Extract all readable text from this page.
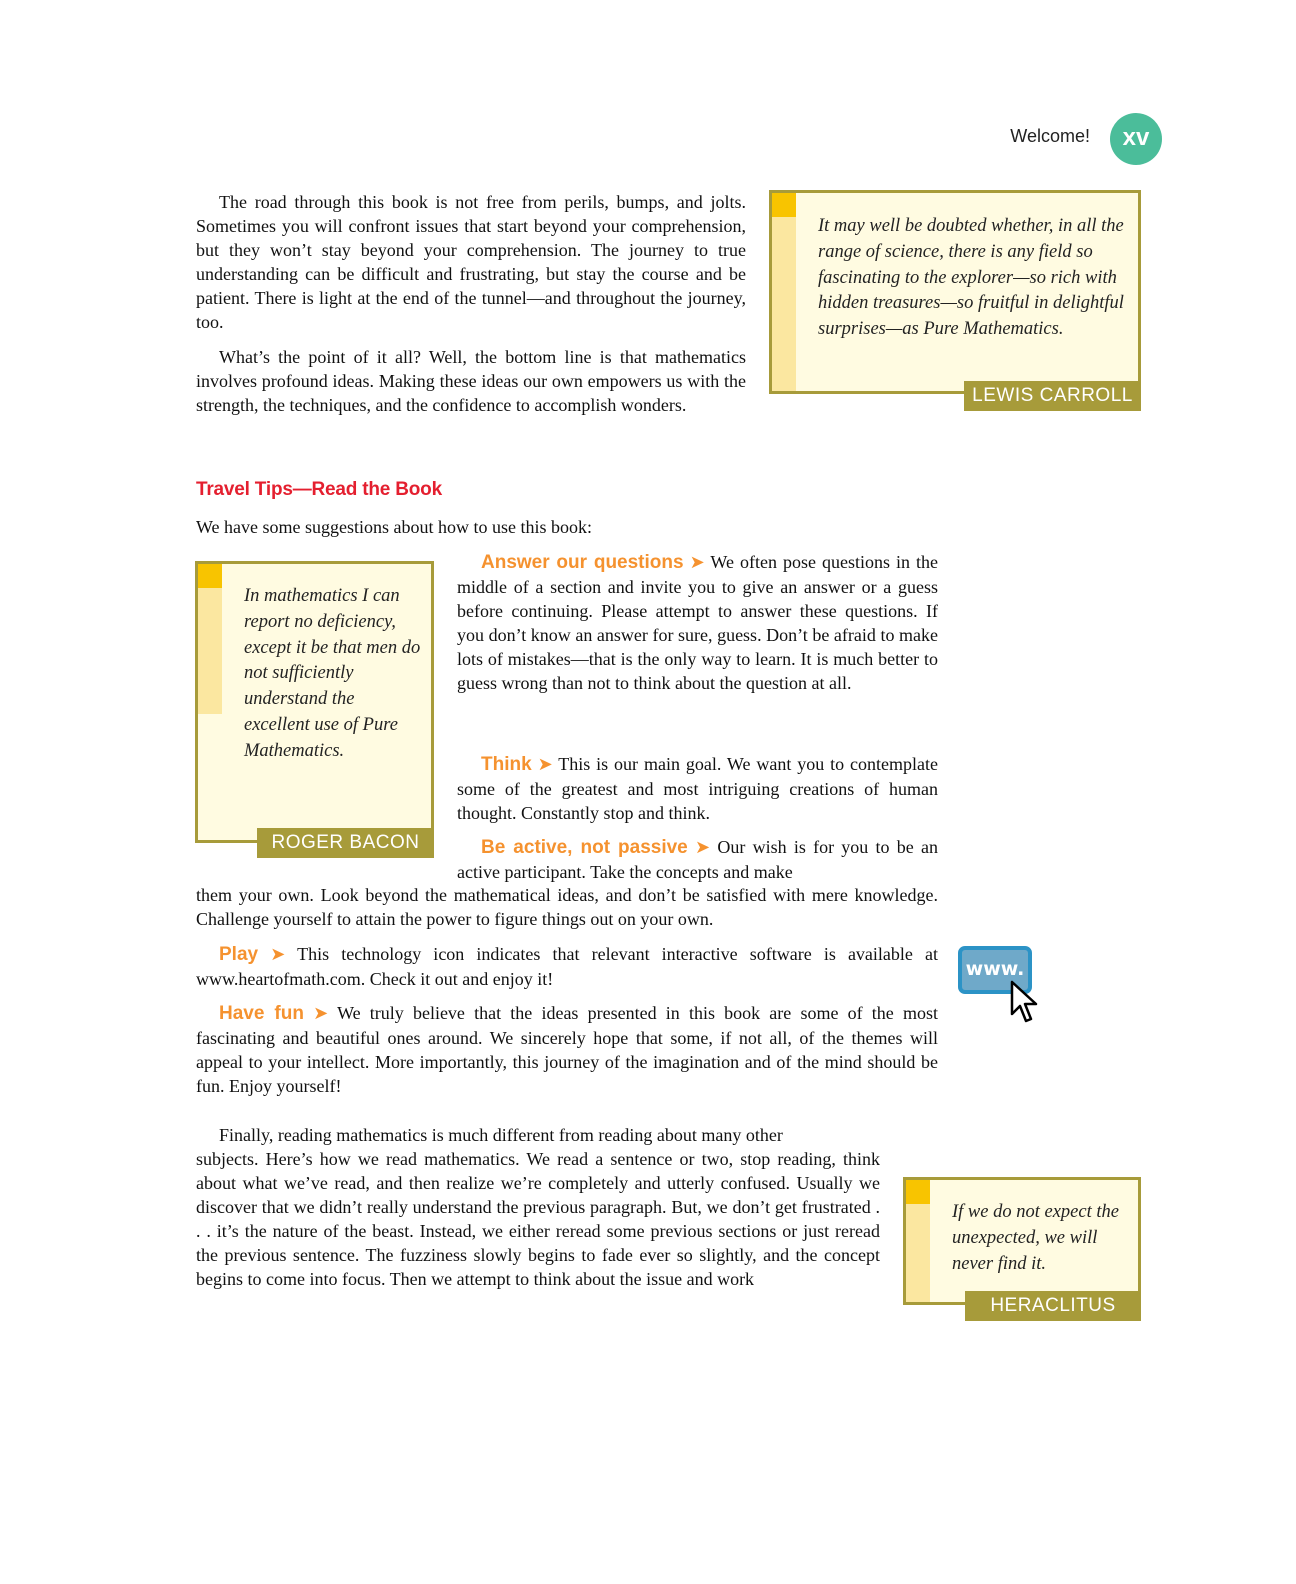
Welcome!	xv

The road through this book is not free from perils, bumps, and jolts. Sometimes you will confront issues that start beyond your comprehension, but they won’t stay beyond your comprehension. The journey to true understanding can be difficult and frustrating, but stay the course and be patient. There is light at the end of the tunnel—and throughout the journey, too.

What’s the point of it all? Well, the bottom line is that mathematics involves profound ideas. Making these ideas our own empowers us with the strength, the techniques, and the confidence to accomplish wonders.

It may well be doubted whether, in all the range of science, there is any field so fascinating to the explorer—so rich with hidden treasures—so fruitful in delightful surprises—as Pure Mathematics.

LEWIS CARROLL
Travel Tips—Read the Book

We have some suggestions about how to use this book:

In mathematics I can report no deficiency, except it be that men do not sufficiently understand the excellent use of Pure Mathematics.

ROGER BACON

Answer our questions ➤ We often pose questions in the middle of a section and invite you to give an answer or a guess before continuing. Please attempt to answer these questions. If you don’t know an answer for sure, guess. Don’t be afraid to make lots of mistakes—that is the only way to learn. It is much better to guess wrong than not to think about the question at all.

Think ➤ This is our main goal. We want you to contemplate some of the greatest and most intriguing creations of human thought. Constantly stop and think.

Be active, not passive ➤ Our wish is for you to be an active participant. Take the concepts and make

them your own. Look beyond the mathematical ideas, and don’t be satisfied with mere knowledge. Challenge yourself to attain the power to figure things out on your own.

Play ➤ This technology icon indicates that relevant interactive software is available at www.heartofmath.com. Check it out and enjoy it!	www.

Have fun ➤ We truly believe that the ideas presented in this book are some of the most fascinating and beautiful ones around. We sincerely hope that some, if not all, of the themes will appeal to your intellect. More importantly, this journey of the imagination and of the mind should be fun. Enjoy yourself!

Finally, reading mathematics is much different from reading about many other

subjects. Here’s how we read mathematics. We read a sentence or two, stop reading, think about what we’ve read, and then realize we’re completely and utterly confused. Usually we discover that we didn’t really understand the previous paragraph. But, we don’t get frustrated . . . it’s the nature of the beast. Instead, we either reread some previous sections or just reread the previous sentence. The fuzziness slowly begins to fade ever so slightly, and the concept begins to come into focus. Then we attempt to think about the issue and work

If we do not expect the unexpected, we will never find it.

HERACLITUS
